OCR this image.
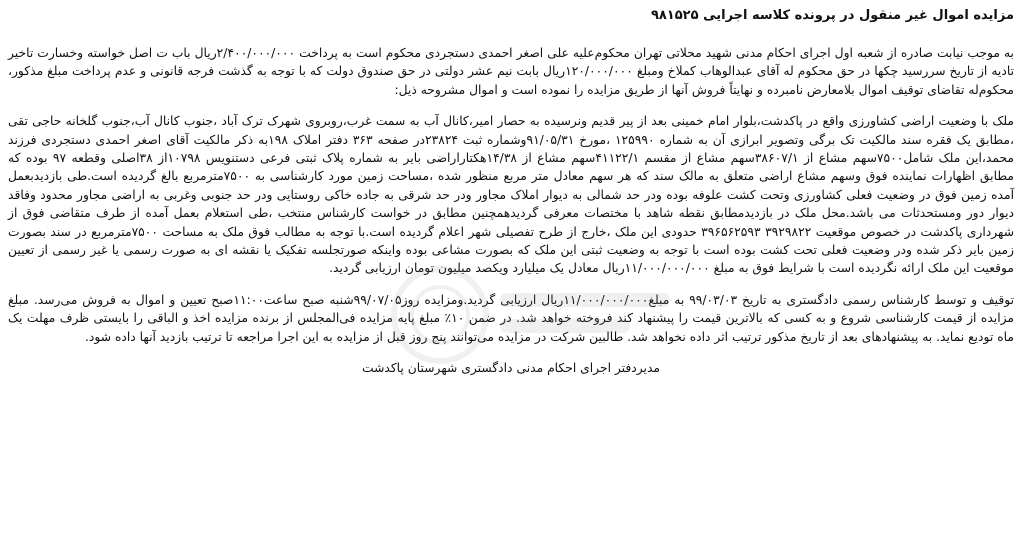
مزایده اموال غیر منقول در پرونده کلاسه اجرایی ۹۸۱۵۲۵

به موجب نیابت صادره از شعبه اول اجرای احکام مدنی شهید محلاتی تهران محکوم‌علیه علی اصغر احمدی دستجردی محکوم است به پرداخت ۲/۴۰۰/۰۰۰/۰۰۰ریال باب ت اصل خواسته وخسارت تاخیر تادیه از تاریخ سررسید چکها در حق محکوم له آقای عبدالوهاب کملاخ ومبلغ ۱۲۰/۰۰۰/۰۰۰ریال بابت نیم عشر دولتی در حق صندوق دولت که با توجه به گذشت فرجه قانونی و عدم پرداخت مبلغ مذکور، محکوم‌له تقاضای توقیف اموال بلامعارض نامبرده و نهایتاً فروش آنها از طریق مزایده را نموده است و اموال مشروحه ذیل:

ملک با وضعیت اراضی کشاورزی واقع در پاکدشت،بلوار امام خمینی بعد از پیر قدیم ونرسیده به حصار امیر،کانال آب به سمت غرب،روبروی شهرک ترک آباد ،جنوب کانال آب،جنوب گلخانه حاجی تقی ،مطابق یک فقره سند مالکیت تک برگی وتصویر ابرازی آن به شماره ۱۲۵۹۹۰ ،مورخ ۹۱/۰۵/۳۱وشماره ثبت ۲۳۸۲۴در صفحه ۳۶۳ دفتر املاک ۱۹۸به ذکر مالکیت آقای اصغر احمدی دستجردی فرزند محمد،این ملک شامل۷۵۰۰سهم مشاع از ۳۸۶۰۷/۱سهم مشاع از مقسم ۴۱۱۲۲/۱سهم مشاع از ۱۴/۳۸هکتاراراضی بایر به شماره پلاک ثبتی فرعی دستنویس ۱۰۷۹۸از ۳۸اصلی وقطعه ۹۷ بوده که مطابق اظهارات نماینده فوق وسهم مشاع اراضی متعلق به مالک سند که هر سهم معادل متر مربع منظور شده ،مساحت زمین مورد کارشناسی به ۷۵۰۰مترمربع بالغ گردیده است.طی بازدیدبعمل آمده زمین فوق در وضعیت فعلی کشاورزی وتحت کشت علوفه بوده ودر حد شمالی به دیوار املاک مجاور ودر حد شرقی به جاده خاکی روستایی ودر حد جنوبی وغربی به اراضی مجاور محدود وفاقد دیوار دور ومستحدثات می باشد.محل ملک در بازدیدمطابق نقطه شاهد با مختصات معرفی گردیدهمچنین مطابق در خواست کارشناس منتخب ،طی استعلام بعمل آمده از طرف متقاضی فوق از شهرداری پاکدشت در خصوص موقعیت ۳۹۲۹۸۲۲ ۳۹۶۵۶۲۵۹۳ حدودی این ملک ،خارج از طرح تفصیلی شهر اعلام گردیده است.با توجه به مطالب فوق ملک به مساحت ۷۵۰۰مترمربع در سند بصورت زمین بایر ذکر شده ودر وضعیت فعلی تحت کشت بوده است با توجه به وضعیت ثبتی این ملک که بصورت مشاعی بوده واینکه صورتجلسه تفکیک یا نقشه ای به صورت رسمی یا غیر رسمی از تعیین موقعیت این ملک ارائه نگردیده است با شرایط فوق به مبلغ ۱۱/۰۰۰/۰۰۰/۰۰۰ریال معادل یک میلیارد ویکصد میلیون تومان ارزیابی گردید.

توقیف و توسط کارشناس رسمی دادگستری به تاریخ ۹۹/۰۳/۰۳ به مبلغ۱۱/۰۰۰/۰۰۰/۰۰۰ریال ارزیابی گردید.ومزایده روز۹۹/۰۷/۰۵شنبه صبح ساعت۱۱:۰۰صبح تعیین و اموال به فروش می‌رسد. مبلغ مزایده از قیمت کارشناسی شروع و به کسی که بالاترین قیمت را پیشنهاد کند فروخته خواهد شد. در ضمن ۱۰٪ مبلغ پایه مزایده فی‌المجلس از برنده مزایده اخذ و الباقی را بایستی ظرف مهلت یک ماه تودیع نماید. به پیشنهادهای بعد از تاریخ مذکور ترتیب اثر داده نخواهد شد. طالبین شرکت در مزایده می‌توانند پنج روز قبل از مزایده به این اجرا مراجعه تا ترتیب بازدید آنها داده شود.

مدیردفتر اجرای احکام مدنی دادگستری شهرستان پاکدشت
